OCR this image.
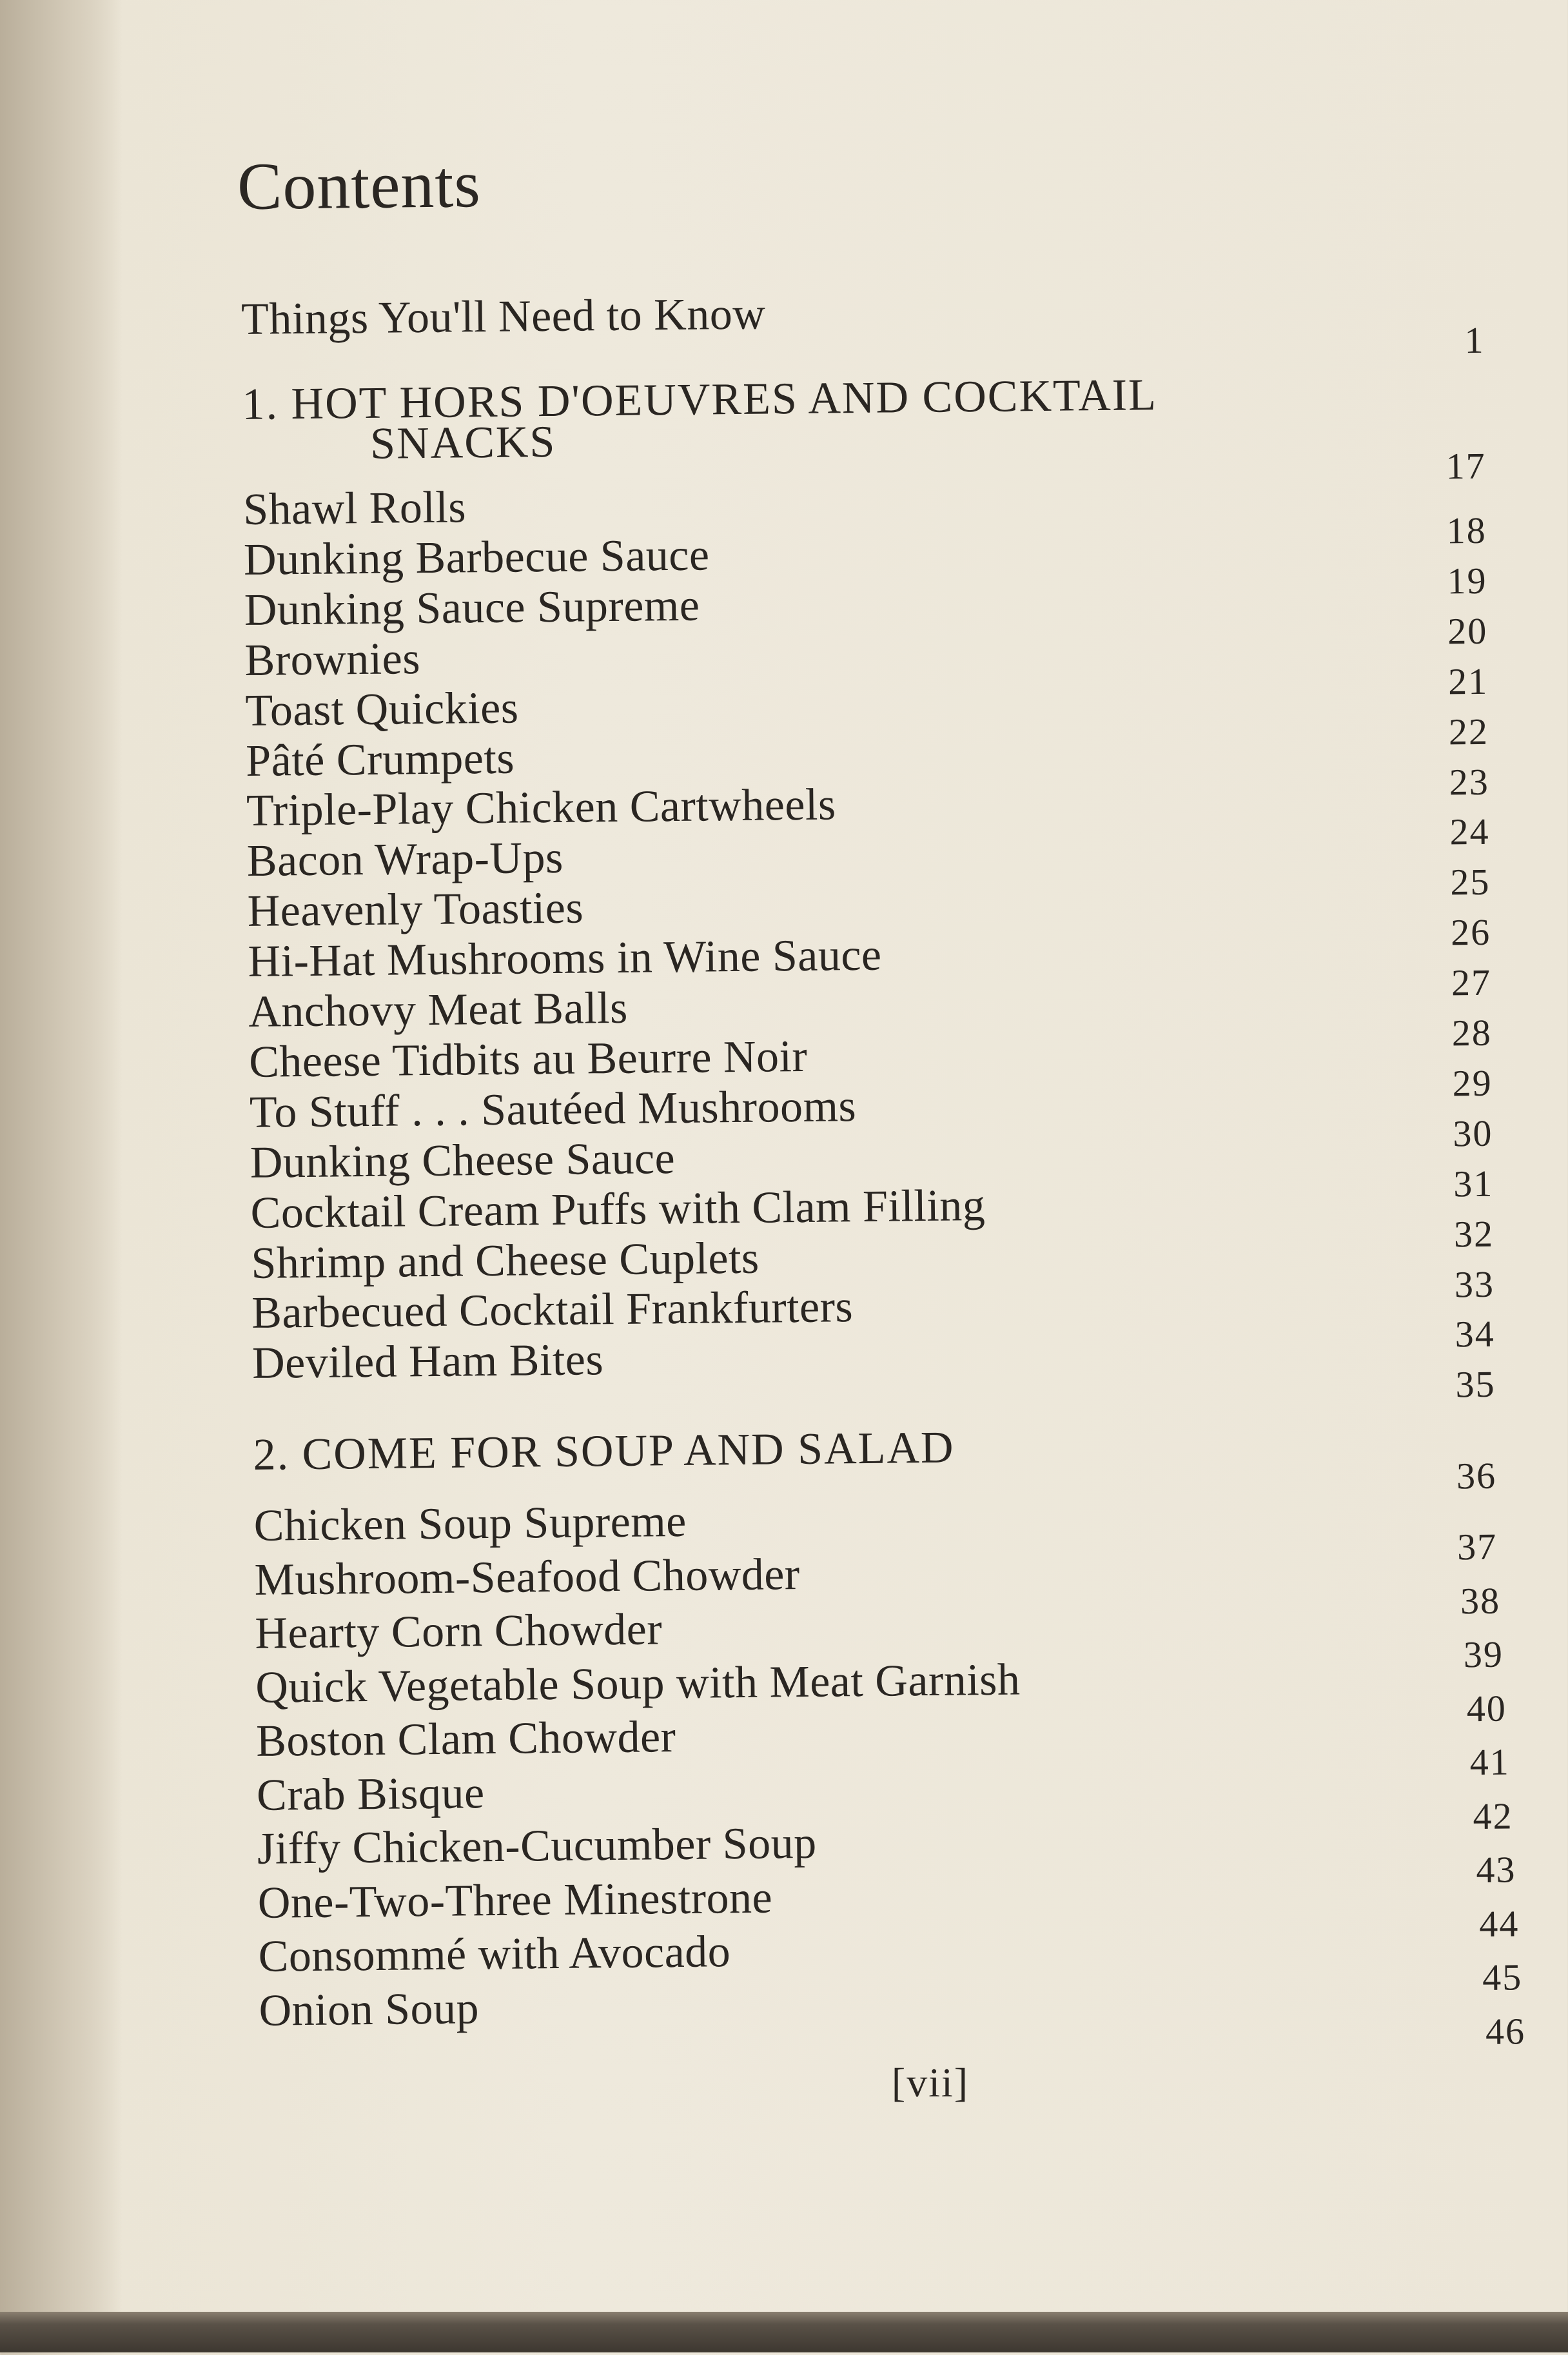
Contents
Things You'll Need to Know	1
1. HOT HORS D'OEUVRES AND COCKTAIL
SNACKS	17
Shawl Rolls	18
Dunking Barbecue Sauce	19
Dunking Sauce Supreme	20
Brownies	21
Toast Quickies	22
Pâté Crumpets	23
Triple-Play Chicken Cartwheels	24
Bacon Wrap-Ups	25
Heavenly Toasties	26
Hi-Hat Mushrooms in Wine Sauce	27
Anchovy Meat Balls	28
Cheese Tidbits au Beurre Noir	29
To Stuff . . . Sautéed Mushrooms	30
Dunking Cheese Sauce	31
Cocktail Cream Puffs with Clam Filling	32
Shrimp and Cheese Cuplets	33
Barbecued Cocktail Frankfurters	34
Deviled Ham Bites	35
2. COME FOR SOUP AND SALAD	36
Chicken Soup Supreme	37
Mushroom-Seafood Chowder	38
Hearty Corn Chowder	39
Quick Vegetable Soup with Meat Garnish	40
Boston Clam Chowder	41
Crab Bisque	42
Jiffy Chicken-Cucumber Soup	43
One-Two-Three Minestrone	44
Consommé with Avocado	45
Onion Soup	46
[vii]
